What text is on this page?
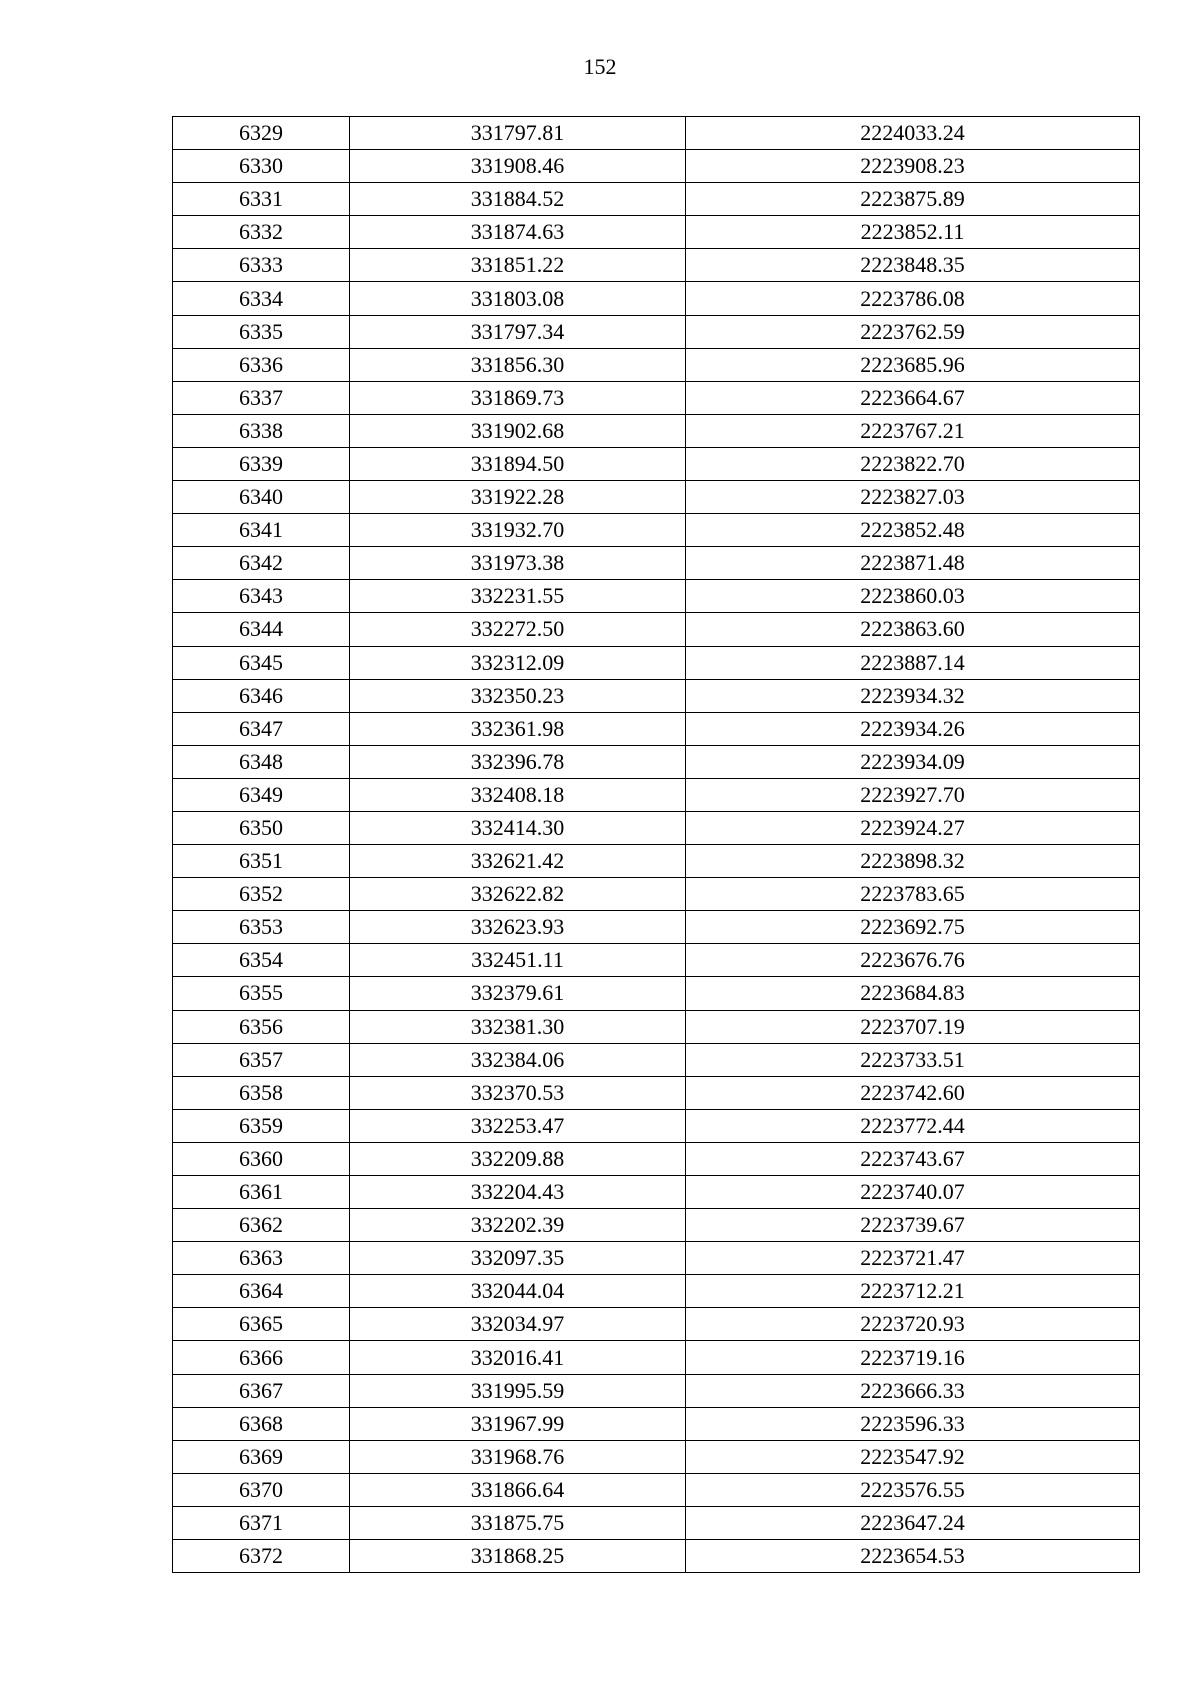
152
6329	331797.81	2224033.24
6330	331908.46	2223908.23
6331	331884.52	2223875.89
6332	331874.63	2223852.11
6333	331851.22	2223848.35
6334	331803.08	2223786.08
6335	331797.34	2223762.59
6336	331856.30	2223685.96
6337	331869.73	2223664.67
6338	331902.68	2223767.21
6339	331894.50	2223822.70
6340	331922.28	2223827.03
6341	331932.70	2223852.48
6342	331973.38	2223871.48
6343	332231.55	2223860.03
6344	332272.50	2223863.60
6345	332312.09	2223887.14
6346	332350.23	2223934.32
6347	332361.98	2223934.26
6348	332396.78	2223934.09
6349	332408.18	2223927.70
6350	332414.30	2223924.27
6351	332621.42	2223898.32
6352	332622.82	2223783.65
6353	332623.93	2223692.75
6354	332451.11	2223676.76
6355	332379.61	2223684.83
6356	332381.30	2223707.19
6357	332384.06	2223733.51
6358	332370.53	2223742.60
6359	332253.47	2223772.44
6360	332209.88	2223743.67
6361	332204.43	2223740.07
6362	332202.39	2223739.67
6363	332097.35	2223721.47
6364	332044.04	2223712.21
6365	332034.97	2223720.93
6366	332016.41	2223719.16
6367	331995.59	2223666.33
6368	331967.99	2223596.33
6369	331968.76	2223547.92
6370	331866.64	2223576.55
6371	331875.75	2223647.24
6372	331868.25	2223654.53
